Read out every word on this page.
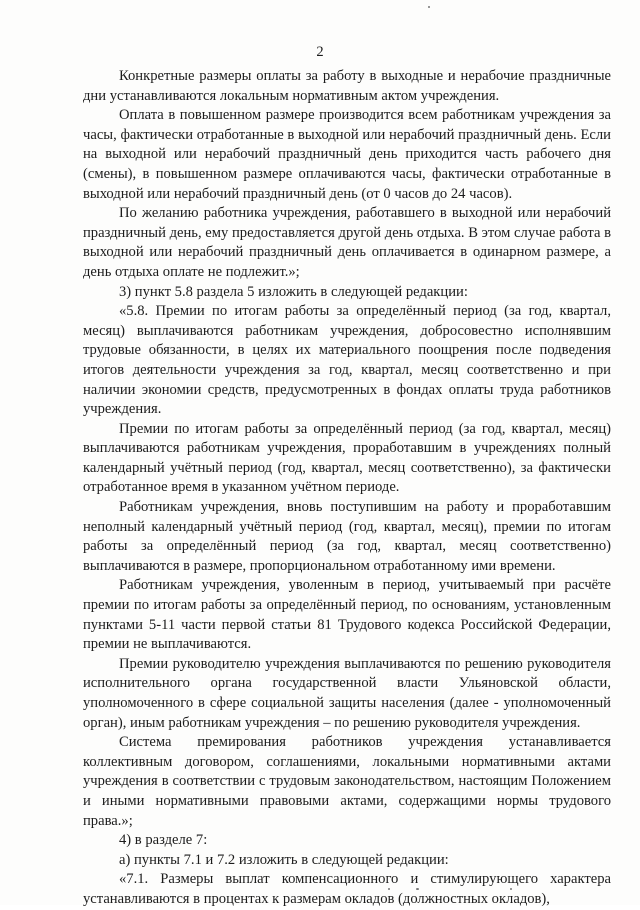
2

Конкретные размеры оплаты за работу в выходные и нерабочие праздничные дни устанавливаются локальным нормативным актом учреждения.

Оплата в повышенном размере производится всем работникам учреждения за часы, фактически отработанные в выходной или нерабочий праздничный день. Если на выходной или нерабочий праздничный день приходится часть рабочего дня (смены), в повышенном размере оплачиваются часы, фактически отработанные в выходной или нерабочий праздничный день (от 0 часов до 24 часов).

По желанию работника учреждения, работавшего в выходной или нерабочий праздничный день, ему предоставляется другой день отдыха. В этом случае работа в выходной или нерабочий праздничный день оплачивается в одинарном размере, а день отдыха оплате не подлежит.»;

3) пункт 5.8 раздела 5 изложить в следующей редакции:

«5.8. Премии по итогам работы за определённый период (за год, квартал, месяц) выплачиваются работникам учреждения, добросовестно исполнявшим трудовые обязанности, в целях их материального поощрения после подведения итогов деятельности учреждения за год, квартал, месяц соответственно и при наличии экономии средств, предусмотренных в фондах оплаты труда работников учреждения.

Премии по итогам работы за определённый период (за год, квартал, месяц) выплачиваются работникам учреждения, проработавшим в учреждениях полный календарный учётный период (год, квартал, месяц соответственно), за фактически отработанное время в указанном учётном периоде.

Работникам учреждения, вновь поступившим на работу и проработавшим неполный календарный учётный период (год, квартал, месяц), премии по итогам работы за определённый период (за год, квартал, месяц соответственно) выплачиваются в размере, пропорциональном отработанному ими времени.

Работникам учреждения, уволенным в период, учитываемый при расчёте премии по итогам работы за определённый период, по основаниям, установленным пунктами 5-11 части первой статьи 81 Трудового кодекса Российской Федерации, премии не выплачиваются.

Премии руководителю учреждения выплачиваются по решению руководителя исполнительного органа государственной власти Ульяновской области, уполномоченного в сфере социальной защиты населения (далее - уполномоченный орган), иным работникам учреждения – по решению руководителя учреждения.

Система премирования работников учреждения устанавливается коллективным договором, соглашениями, локальными нормативными актами учреждения в соответствии с трудовым законодательством, настоящим Положением и иными нормативными правовыми актами, содержащими нормы трудового права.»;

4) в разделе 7:

а) пункты 7.1 и 7.2 изложить в следующей редакции:

«7.1. Размеры выплат компенсационного и стимулирующего характера устанавливаются в процентах к размерам окладов (должностных окладов),
